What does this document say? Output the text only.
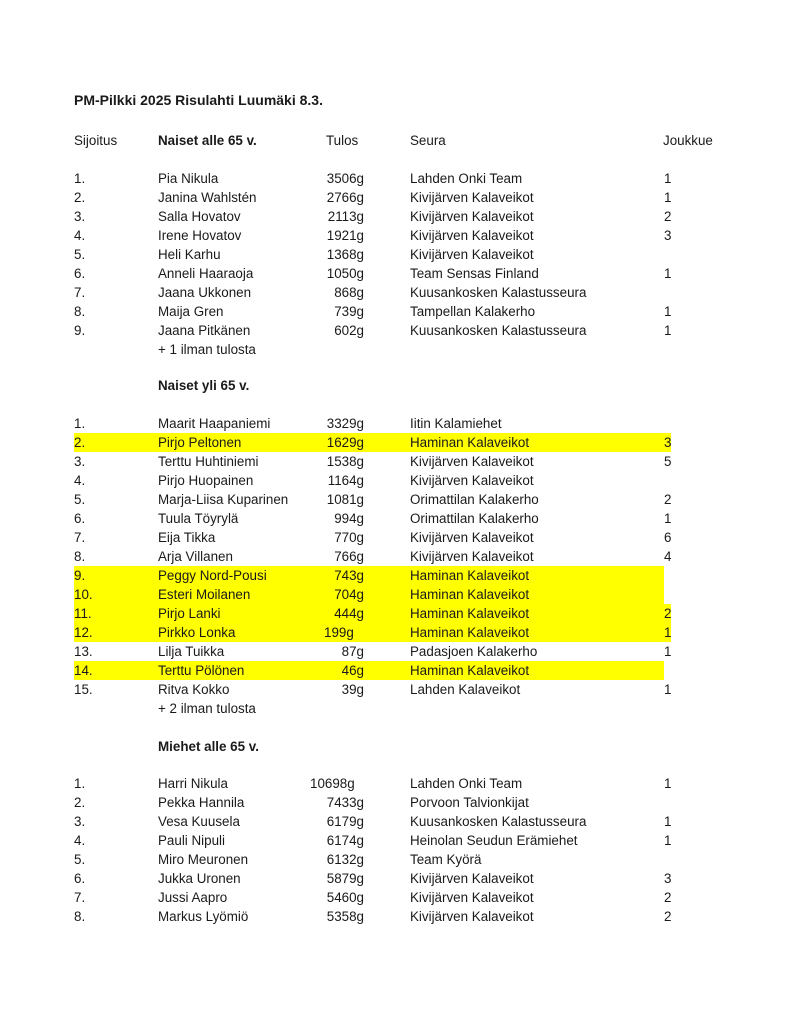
PM-Pilkki 2025 Risulahti Luumäki 8.3.
Sijoitus	Naiset alle 65 v.	Tulos	Seura	Joukkue
1.	Pia Nikula	3506g	Lahden Onki Team	1
2.	Janina Wahlstén	2766g	Kivijärven Kalaveikot	1
3.	Salla Hovatov	2113g	Kivijärven Kalaveikot	2
4.	Irene Hovatov	1921g	Kivijärven Kalaveikot	3
5.	Heli Karhu	1368g	Kivijärven Kalaveikot
6.	Anneli Haaraoja	1050g	Team Sensas Finland	1
7.	Jaana Ukkonen	868g	Kuusankosken Kalastusseura
8.	Maija Gren	739g	Tampellan Kalakerho	1
9.	Jaana Pitkänen	602g	Kuusankosken Kalastusseura	1
+ 1 ilman tulosta
Naiset yli 65 v.
1.	Maarit Haapaniemi	3329g	Iitin Kalamiehet
2.	Pirjo Peltonen	1629g	Haminan Kalaveikot	3
3.	Terttu Huhtiniemi	1538g	Kivijärven Kalaveikot	5
4.	Pirjo Huopainen	1164g	Kivijärven Kalaveikot
5.	Marja-Liisa Kuparinen	1081g	Orimattilan Kalakerho	2
6.	Tuula Töyrylä	994g	Orimattilan Kalakerho	1
7.	Eija Tikka	770g	Kivijärven Kalaveikot	6
8.	Arja Villanen	766g	Kivijärven Kalaveikot	4
9.	Peggy Nord-Pousi	743g	Haminan Kalaveikot
10.	Esteri Moilanen	704g	Haminan Kalaveikot
11.	Pirjo Lanki	444g	Haminan Kalaveikot	2
12.	Pirkko Lonka	199g	Haminan Kalaveikot	1
13.	Lilja Tuikka	87g	Padasjoen Kalakerho	1
14.	Terttu Pölönen	46g	Haminan Kalaveikot
15.	Ritva Kokko	39g	Lahden Kalaveikot	1
+ 2 ilman tulosta
Miehet alle 65 v.
1.	Harri Nikula	10698g	Lahden Onki Team	1
2.	Pekka Hannila	7433g	Porvoon Talvionkijat
3.	Vesa Kuusela	6179g	Kuusankosken Kalastusseura	1
4.	Pauli Nipuli	6174g	Heinolan Seudun Erämiehet	1
5.	Miro Meuronen	6132g	Team Kyörä
6.	Jukka Uronen	5879g	Kivijärven Kalaveikot	3
7.	Jussi Aapro	5460g	Kivijärven Kalaveikot	2
8.	Markus Lyömiö	5358g	Kivijärven Kalaveikot	2
